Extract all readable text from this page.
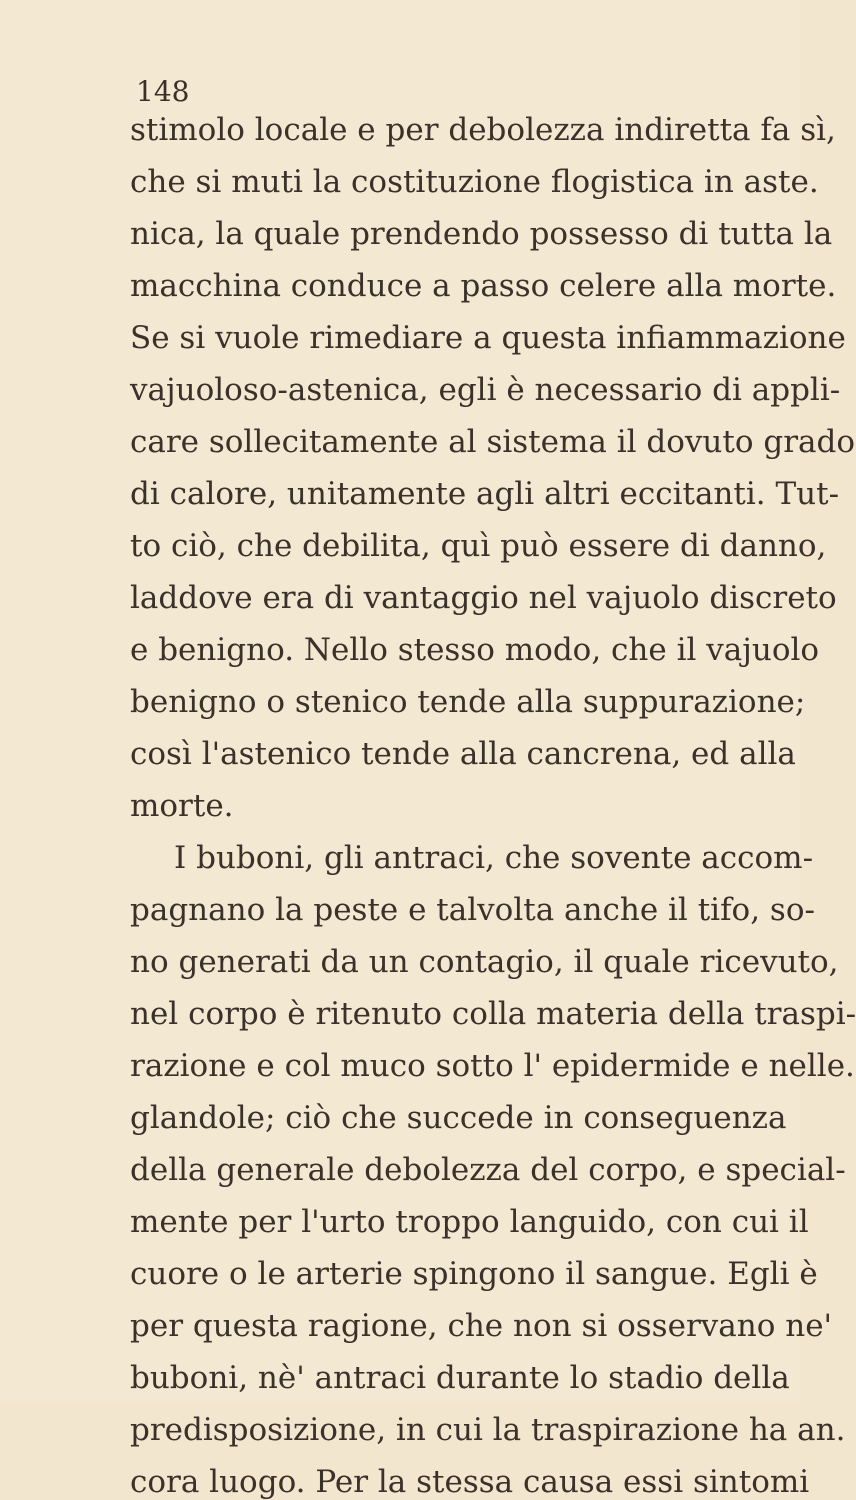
148
stimolo locale e per debolezza indiretta fa sì,
che si muti la costituzione flogistica in aste.
nica, la quale prendendo possesso di tutta la
macchina conduce a passo celere alla morte.
Se si vuole rimediare a questa infiammazione
vajuoloso-astenica, egli è necessario di appli-
care sollecitamente al sistema il dovuto grado
di calore, unitamente agli altri eccitanti. Tut-
to ciò, che debilita, quì può essere di danno,
laddove era di vantaggio nel vajuolo discreto
e benigno. Nello stesso modo, che il vajuolo
benigno o stenico tende alla suppurazione;
così l'astenico tende alla cancrena, ed alla
morte.
I buboni, gli antraci, che sovente accom-
pagnano la peste e talvolta anche il tifo, so-
no generati da un contagio, il quale ricevuto,
nel corpo è ritenuto colla materia della traspi-
razione e col muco sotto l' epidermide e nelle.
glandole; ciò che succede in conseguenza
della generale debolezza del corpo, e special-
mente per l'urto troppo languido, con cui il
cuore o le arterie spingono il sangue. Egli è
per questa ragione, che non si osservano ne'
buboni, nè' antraci durante lo stadio della
predisposizione, in cui la traspirazione ha an.
cora luogo. Per la stessa causa essi sintomi
